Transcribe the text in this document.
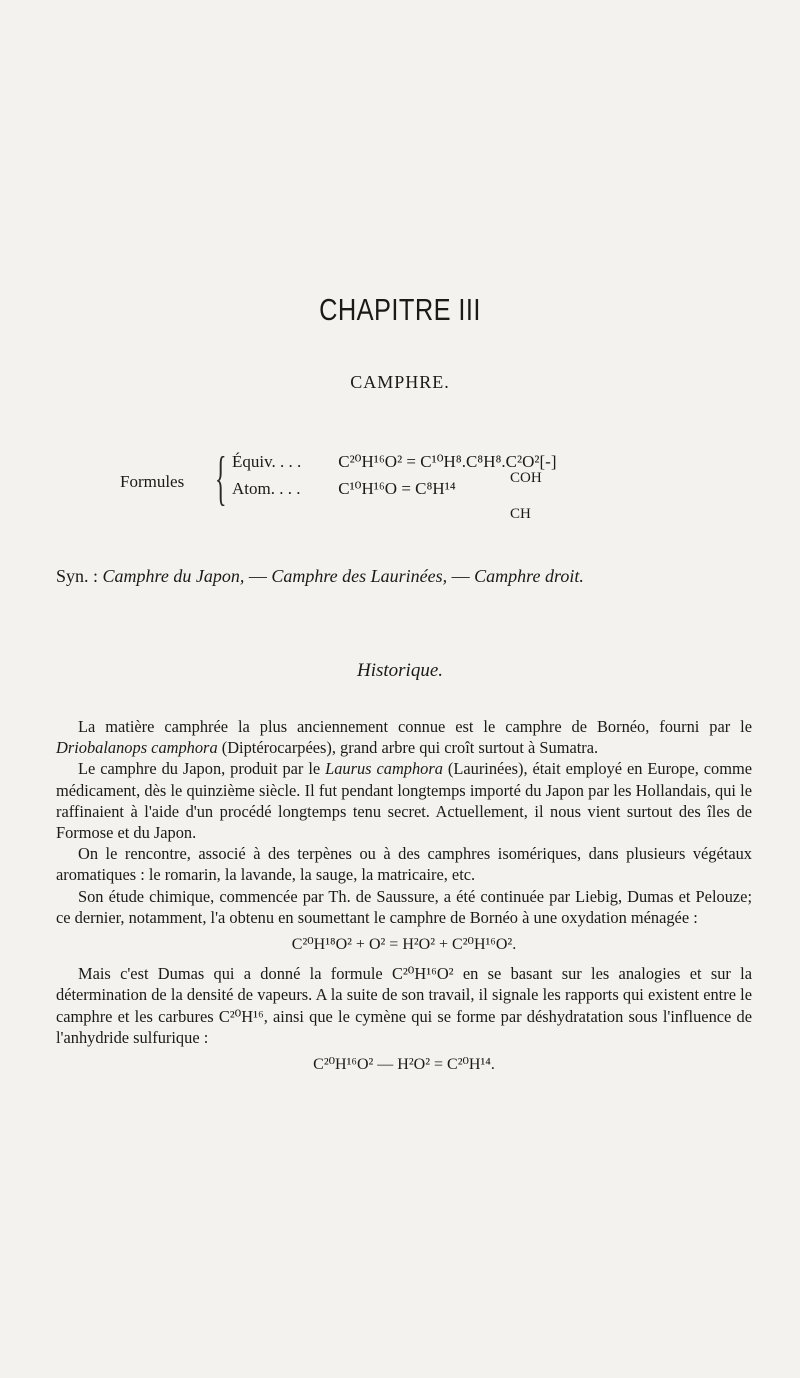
CHAPITRE III
CAMPHRE.
Formules { Équiv. . . . C²⁰H¹⁶O² = C¹⁰H⁸.C⁸H⁸.C²O²[-]
Atom. . . . C¹⁰H¹⁶O = C⁸H¹⁴
COH
CH
Syn. : Camphre du Japon, — Camphre des Laurinées, — Camphre droit.
Historique.

La matière camphrée la plus anciennement connue est le camphre de Bornéo, fourni par le Driobalanops camphora (Diptérocarpées), grand arbre qui croît surtout à Sumatra.

Le camphre du Japon, produit par le Laurus camphora (Laurinées), était employé en Europe, comme médicament, dès le quinzième siècle. Il fut pendant longtemps importé du Japon par les Hollandais, qui le raffinaient à l'aide d'un procédé longtemps tenu secret. Actuellement, il nous vient surtout des îles de Formose et du Japon.

On le rencontre, associé à des terpènes ou à des camphres isomériques, dans plusieurs végétaux aromatiques : le romarin, la lavande, la sauge, la matricaire, etc.

Son étude chimique, commencée par Th. de Saussure, a été continuée par Liebig, Dumas et Pelouze; ce dernier, notamment, l'a obtenu en soumettant le camphre de Bornéo à une oxydation ménagée :

C²⁰H¹⁸O² + O² = H²O² + C²⁰H¹⁶O².

Mais c'est Dumas qui a donné la formule C²⁰H¹⁶O² en se basant sur les analogies et sur la détermination de la densité de vapeurs. A la suite de son travail, il signale les rapports qui existent entre le camphre et les carbures C²⁰H¹⁶, ainsi que le cymène qui se forme par déshydratation sous l'influence de l'anhydride sulfurique :

C²⁰H¹⁶O² — H²O² = C²⁰H¹⁴.
